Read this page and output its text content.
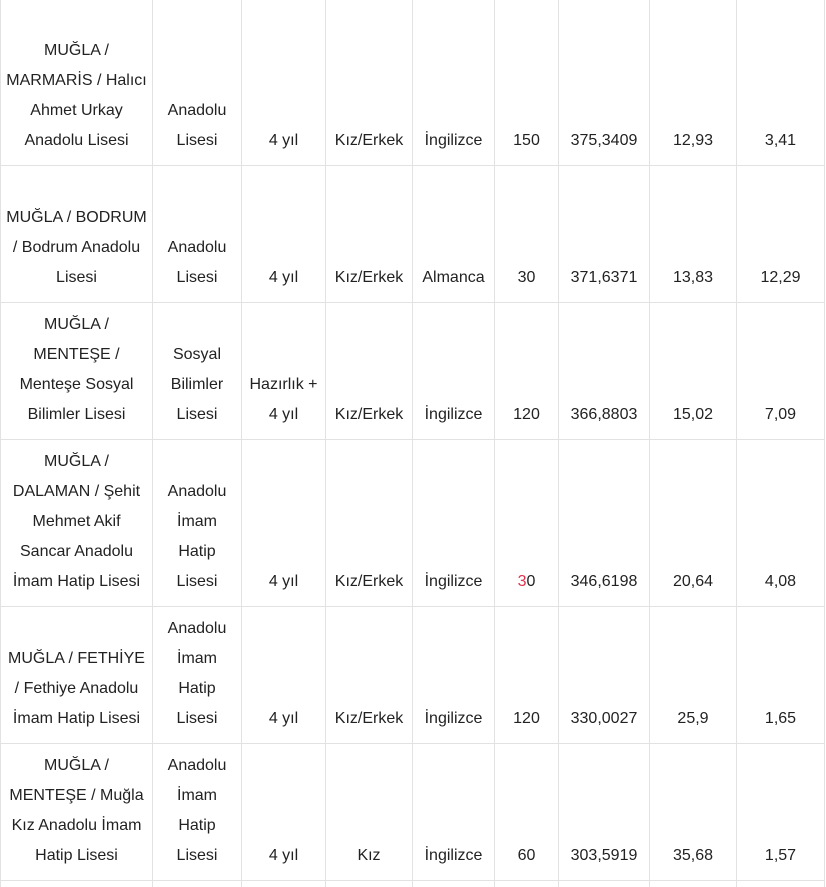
MUĞLA / MARMARİS / Halıcı Ahmet Urkay Anadolu Lisesi	Anadolu Lisesi	4 yıl	Kız/Erkek	İngilizce	150	375,3409	12,93	3,41
MUĞLA / BODRUM / Bodrum Anadolu Lisesi	Anadolu Lisesi	4 yıl	Kız/Erkek	Almanca	30	371,6371	13,83	12,29
MUĞLA / MENTEŞE / Menteşe Sosyal Bilimler Lisesi	Sosyal Bilimler Lisesi	Hazırlık + 4 yıl	Kız/Erkek	İngilizce	120	366,8803	15,02	7,09
MUĞLA / DALAMAN / Şehit Mehmet Akif Sancar Anadolu İmam Hatip Lisesi	Anadolu İmam Hatip Lisesi	4 yıl	Kız/Erkek	İngilizce	30	346,6198	20,64	4,08
MUĞLA / FETHİYE / Fethiye Anadolu İmam Hatip Lisesi	Anadolu İmam Hatip Lisesi	4 yıl	Kız/Erkek	İngilizce	120	330,0027	25,9	1,65
MUĞLA / MENTEŞE / Muğla Kız Anadolu İmam Hatip Lisesi	Anadolu İmam Hatip Lisesi	4 yıl	Kız	İngilizce	60	303,5919	35,68	1,57
